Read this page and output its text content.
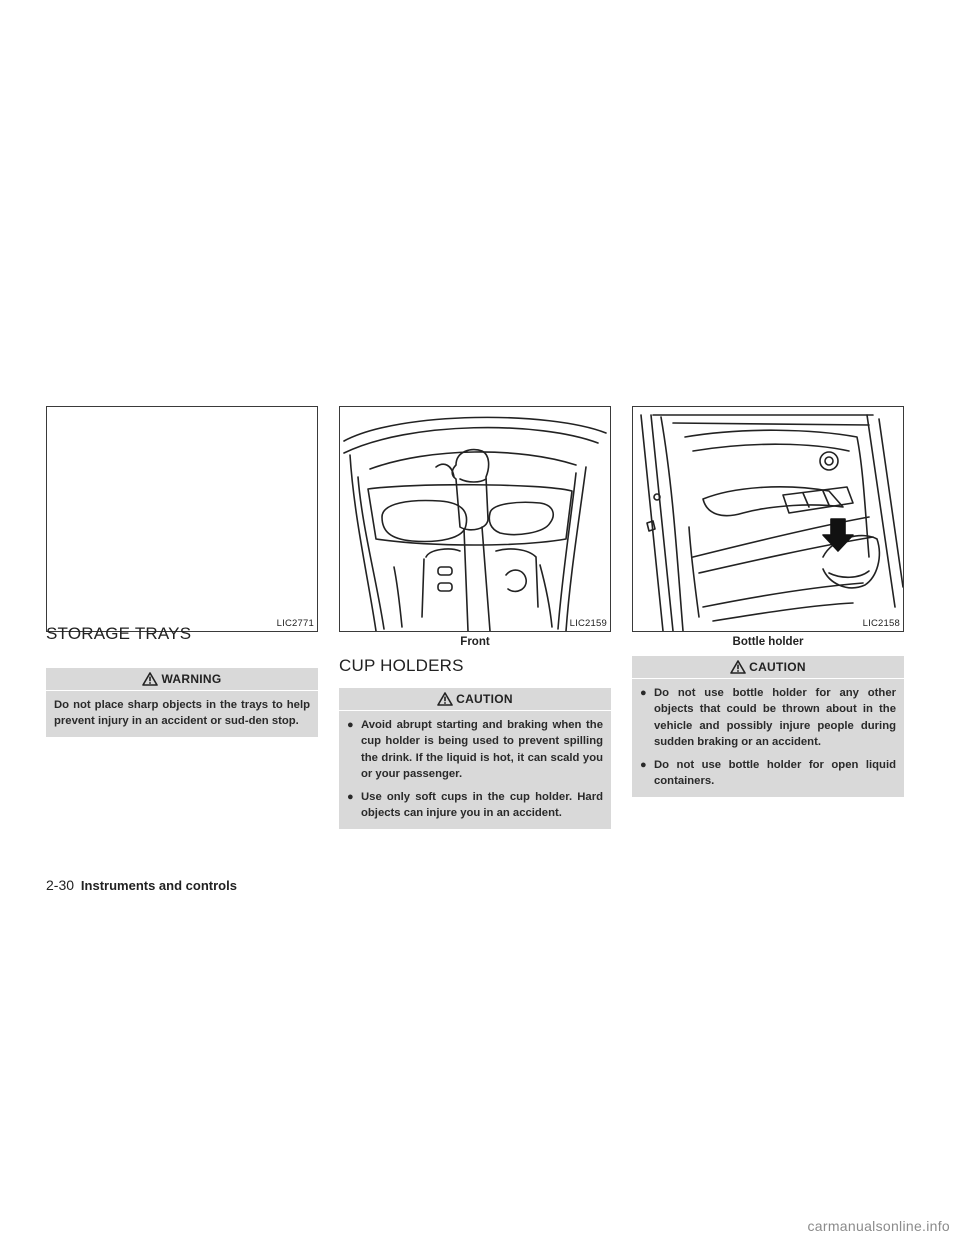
LIC2771
STORAGE TRAYS
WARNING

Do not place sharp objects in the trays to help prevent injury in an accident or sud-den stop.

LIC2159
Front
CUP HOLDERS
CAUTION
● Avoid abrupt starting and braking when the cup holder is being used to prevent spilling the drink. If the liquid is hot, it can scald you or your passenger.
● Use only soft cups in the cup holder. Hard objects can injure you in an accident.
LIC2158
Bottle holder
CAUTION
● Do not use bottle holder for any other objects that could be thrown about in the vehicle and possibly injure people during sudden braking or an accident.
● Do not use bottle holder for open liquid containers.
2-30 Instruments and controls
carmanualsonline.info
